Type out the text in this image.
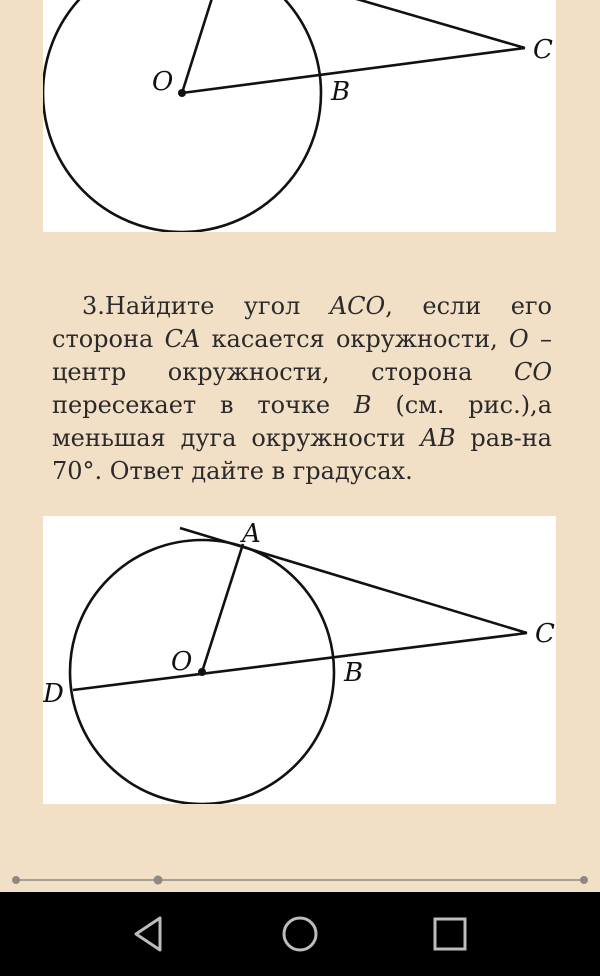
O	B
C

3.Найдите угол ACO, если его сторона CA касается окружности, O – центр окружности, сторона CO пересекает в точке B (см. рис.),а меньшая дуга окружности AB рав-на 70°. Ответ дайте в градусах.

A
O	B
C
D
